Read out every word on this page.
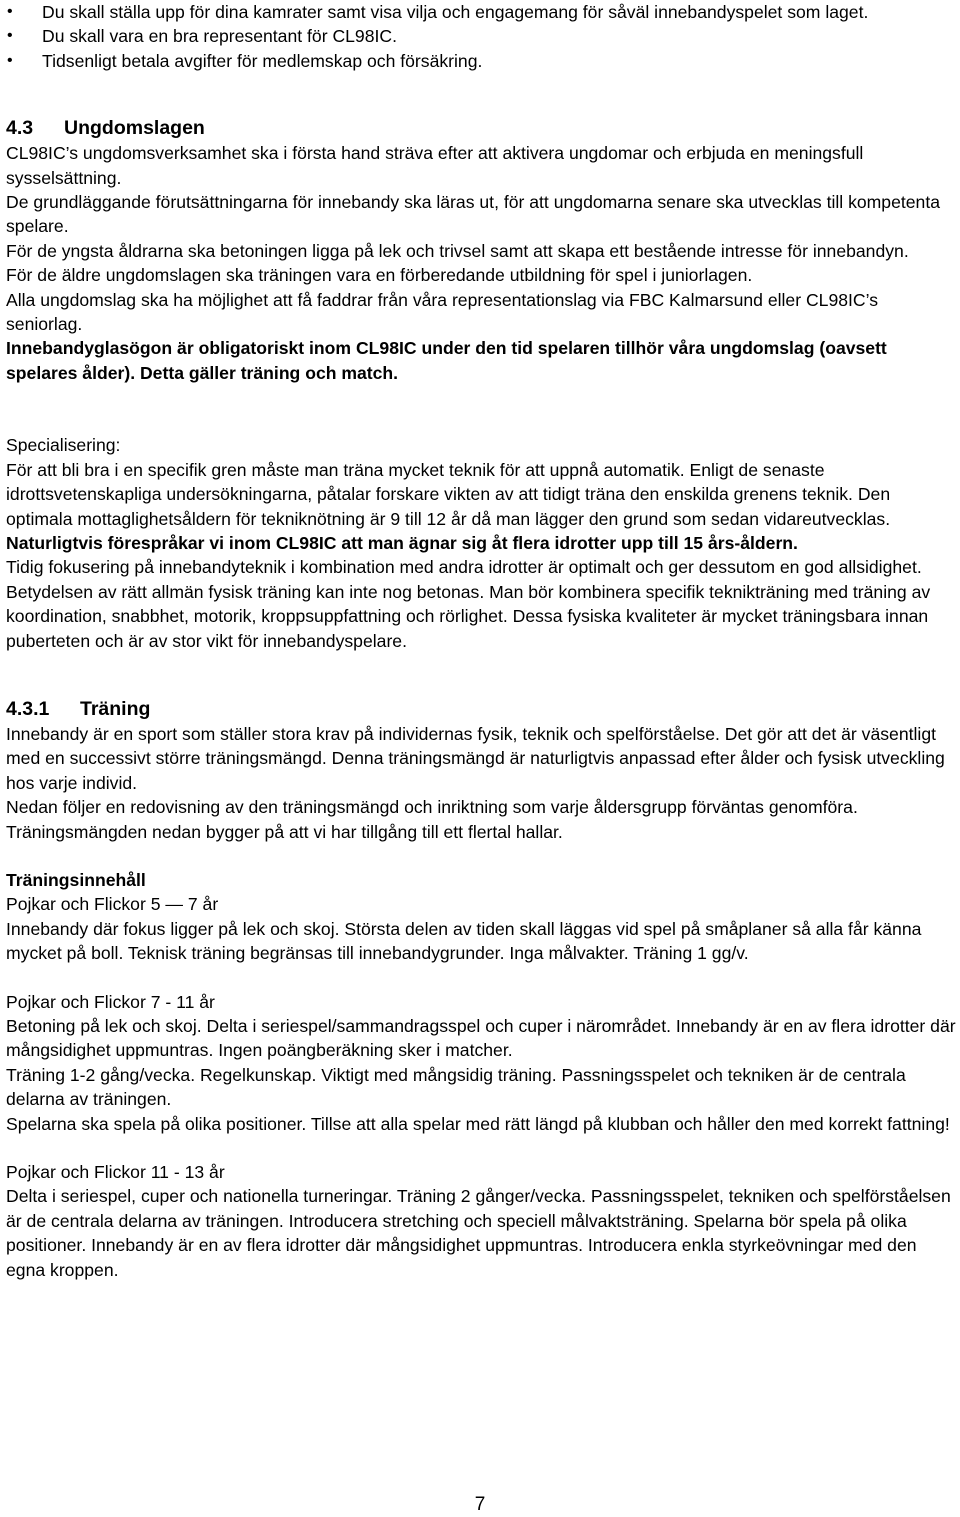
• Du skall ställa upp för dina kamrater samt visa vilja och engagemang för såväl innebandyspelet som laget.
• Du skall vara en bra representant för CL98IC.
• Tidsenligt betala avgifter för medlemskap och försäkring.
4.3 Ungdomslagen

CL98IC’s ungdomsverksamhet ska i första hand sträva efter att aktivera ungdomar och erbjuda en meningsfull sysselsättning.

De grundläggande förutsättningarna för innebandy ska läras ut, för att ungdomarna senare ska utvecklas till kompetenta spelare.

För de yngsta åldrarna ska betoningen ligga på lek och trivsel samt att skapa ett bestående intresse för innebandyn.

För de äldre ungdomslagen ska träningen vara en förberedande utbildning för spel i juniorlagen.

Alla ungdomslag ska ha möjlighet att få faddrar från våra representationslag via FBC Kalmarsund eller CL98IC’s seniorlag.

Innebandyglasögon är obligatoriskt inom CL98IC under den tid spelaren tillhör våra ungdomslag (oavsett spelares ålder). Detta gäller träning och match.

Specialisering:

För att bli bra i en specifik gren måste man träna mycket teknik för att uppnå automatik. Enligt de senaste idrottsvetenskapliga undersökningarna, påtalar forskare vikten av att tidigt träna den enskilda grenens teknik. Den optimala mottaglighetsåldern för tekniknötning är 9 till 12 år då man lägger den grund som sedan vidareutvecklas.

Naturligtvis förespråkar vi inom CL98IC att man ägnar sig åt flera idrotter upp till 15 års-åldern.

Tidig fokusering på innebandyteknik i kombination med andra idrotter är optimalt och ger dessutom en god allsidighet. Betydelsen av rätt allmän fysisk träning kan inte nog betonas. Man bör kombinera specifik teknikträning med träning av koordination, snabbhet, motorik, kroppsuppfattning och rörlighet. Dessa fysiska kvaliteter är mycket träningsbara innan puberteten och är av stor vikt för innebandyspelare.

4.3.1 Träning

Innebandy är en sport som ställer stora krav på individernas fysik, teknik och spelförståelse. Det gör att det är väsentligt med en successivt större träningsmängd. Denna träningsmängd är naturligtvis anpassad efter ålder och fysisk utveckling hos varje individ.

Nedan följer en redovisning av den träningsmängd och inriktning som varje åldersgrupp förväntas genomföra. Träningsmängden nedan bygger på att vi har tillgång till ett flertal hallar.

Träningsinnehåll

Pojkar och Flickor 5 — 7 år

Innebandy där fokus ligger på lek och skoj. Största delen av tiden skall läggas vid spel på småplaner så alla får känna mycket på boll. Teknisk träning begränsas till innebandygrunder. Inga målvakter. Träning 1 gg/v.

Pojkar och Flickor 7 - 11 år

Betoning på lek och skoj. Delta i seriespel/sammandragsspel och cuper i närområdet. Innebandy är en av flera idrotter där mångsidighet uppmuntras. Ingen poängberäkning sker i matcher.

Träning 1-2 gång/vecka. Regelkunskap. Viktigt med mångsidig träning. Passningsspelet och tekniken är de centrala delarna av träningen.

Spelarna ska spela på olika positioner. Tillse att alla spelar med rätt längd på klubban och håller den med korrekt fattning!

Pojkar och Flickor 11 - 13 år

Delta i seriespel, cuper och nationella turneringar. Träning 2 gånger/vecka. Passningsspelet, tekniken och spelförståelsen är de centrala delarna av träningen. Introducera stretching och speciell målvaktsträning. Spelarna bör spela på olika positioner. Innebandy är en av flera idrotter där mångsidighet uppmuntras. Introducera enkla styrkeövningar med den egna kroppen.

7
